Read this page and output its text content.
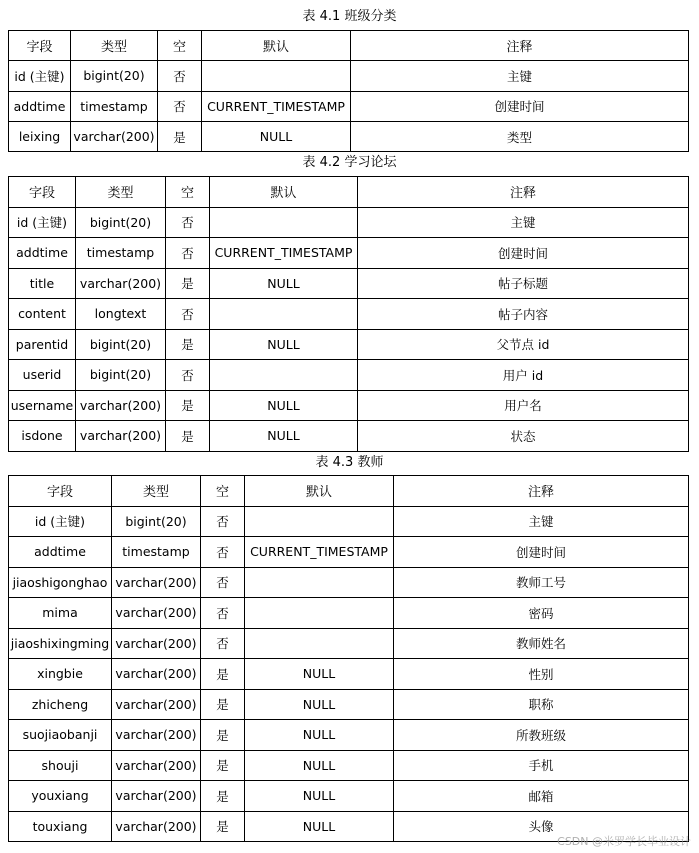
表 4.1 班级分类
字段	类型	空	默认	注释
id (主键)	bigint(20)	否		主键
addtime	timestamp	否	CURRENT_TIMESTAMP	创建时间
leixing	varchar(200)	是	NULL	类型
表 4.2 学习论坛
字段	类型	空	默认	注释
id (主键)	bigint(20)	否		主键
addtime	timestamp	否	CURRENT_TIMESTAMP	创建时间
title	varchar(200)	是	NULL	帖子标题
content	longtext	否		帖子内容
parentid	bigint(20)	是	NULL	父节点 id
userid	bigint(20)	否		用户 id
username	varchar(200)	是	NULL	用户名
isdone	varchar(200)	是	NULL	状态
表 4.3 教师
字段	类型	空	默认	注释
id (主键)	bigint(20)	否		主键
addtime	timestamp	否	CURRENT_TIMESTAMP	创建时间
jiaoshigonghao	varchar(200)	否		教师工号
mima	varchar(200)	否		密码
jiaoshixingming	varchar(200)	否		教师姓名
xingbie	varchar(200)	是	NULL	性别
zhicheng	varchar(200)	是	NULL	职称
suojiaobanji	varchar(200)	是	NULL	所教班级
shouji	varchar(200)	是	NULL	手机
youxiang	varchar(200)	是	NULL	邮箱
touxiang	varchar(200)	是	NULL	头像
CSDN @米罗学长毕业设计
